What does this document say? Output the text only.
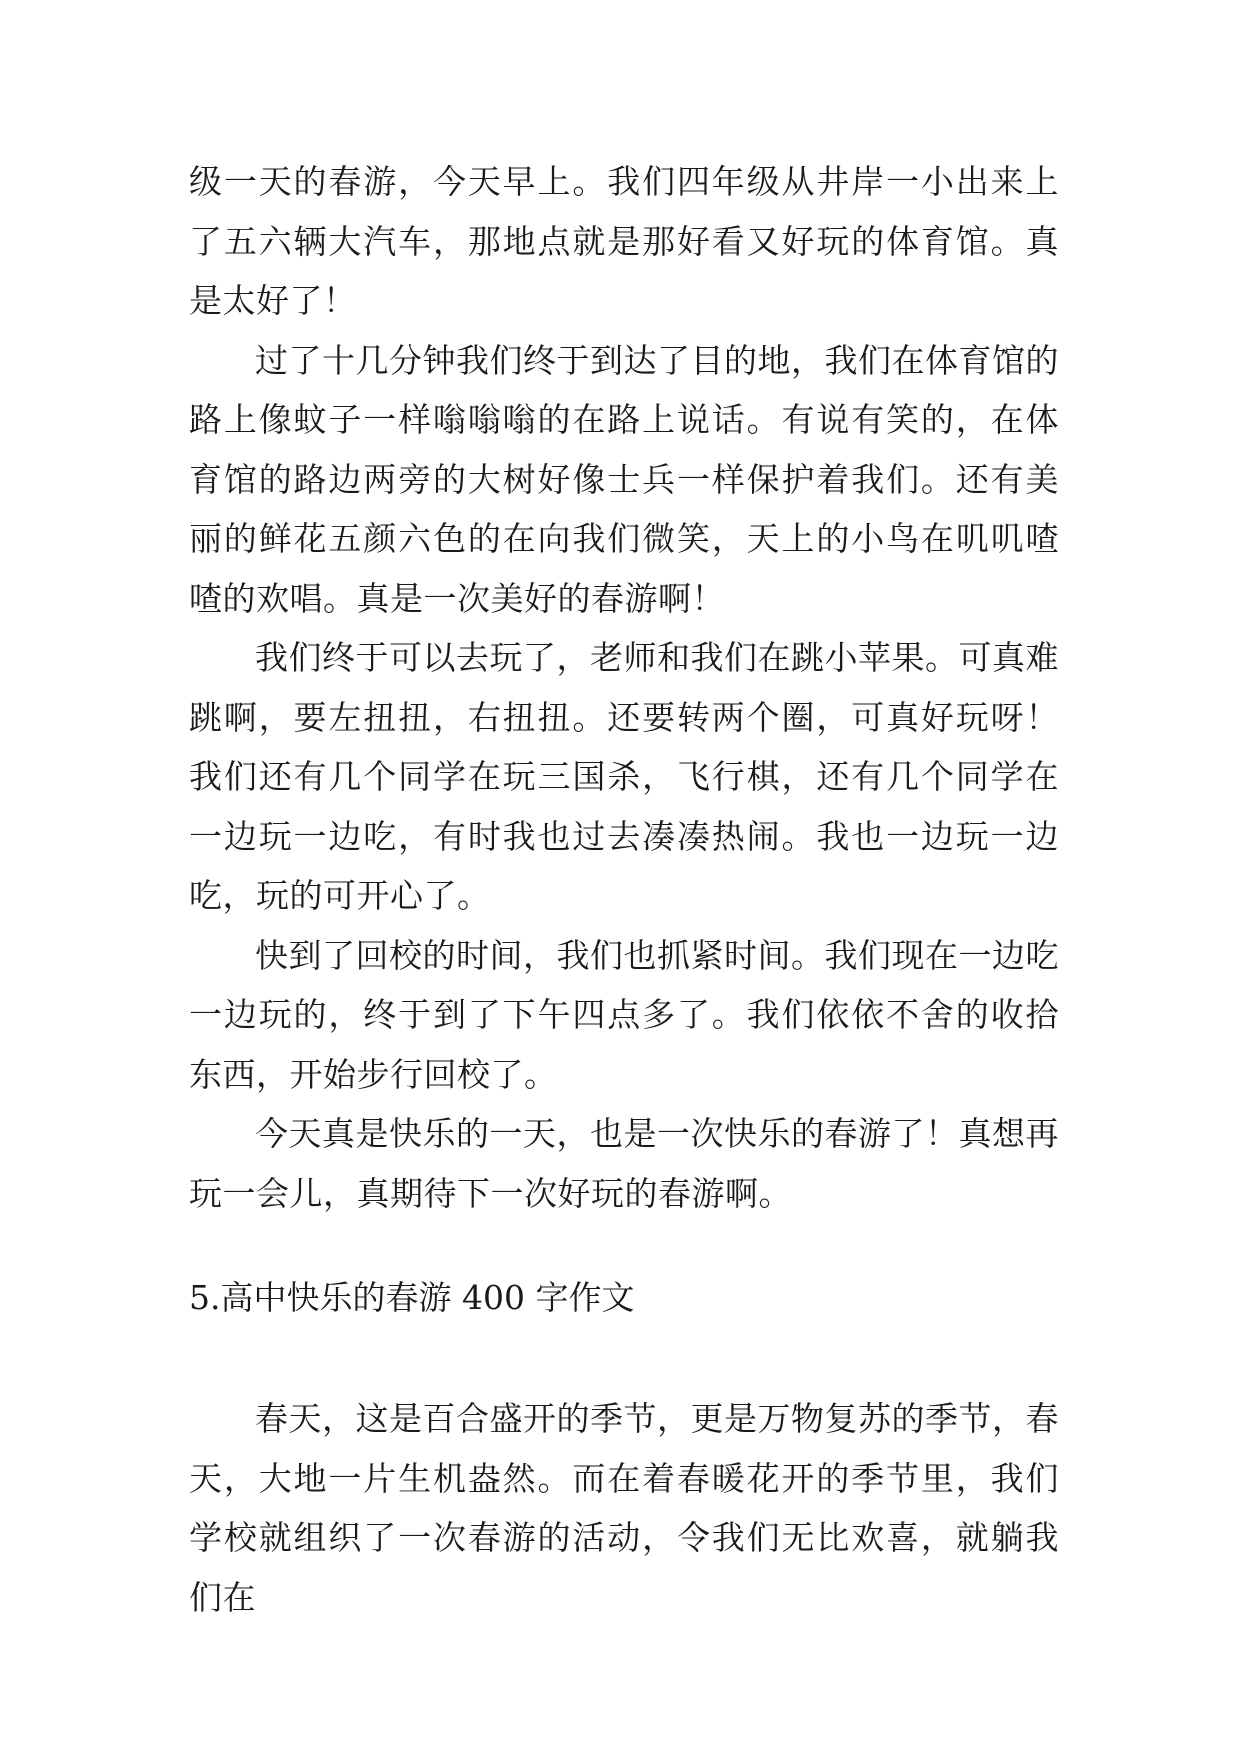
级一天的春游，今天早上。我们四年级从井岸一小出来上了五六辆大汽车，那地点就是那好看又好玩的体育馆。真是太好了！

过了十几分钟我们终于到达了目的地，我们在体育馆的路上像蚊子一样嗡嗡嗡的在路上说话。有说有笑的，在体育馆的路边两旁的大树好像士兵一样保护着我们。还有美丽的鲜花五颜六色的在向我们微笑，天上的小鸟在叽叽喳喳的欢唱。真是一次美好的春游啊！

我们终于可以去玩了，老师和我们在跳小苹果。可真难跳啊，要左扭扭，右扭扭。还要转两个圈，可真好玩呀！我们还有几个同学在玩三国杀，飞行棋，还有几个同学在一边玩一边吃，有时我也过去凑凑热闹。我也一边玩一边吃，玩的可开心了。

快到了回校的时间，我们也抓紧时间。我们现在一边吃一边玩的，终于到了下午四点多了。我们依依不舍的收拾东西，开始步行回校了。

今天真是快乐的一天，也是一次快乐的春游了！真想再玩一会儿，真期待下一次好玩的春游啊。

5.高中快乐的春游 400 字作文

春天，这是百合盛开的季节，更是万物复苏的季节，春天，大地一片生机盎然。而在着春暖花开的季节里，我们学校就组织了一次春游的活动，令我们无比欢喜，就躺我们在
